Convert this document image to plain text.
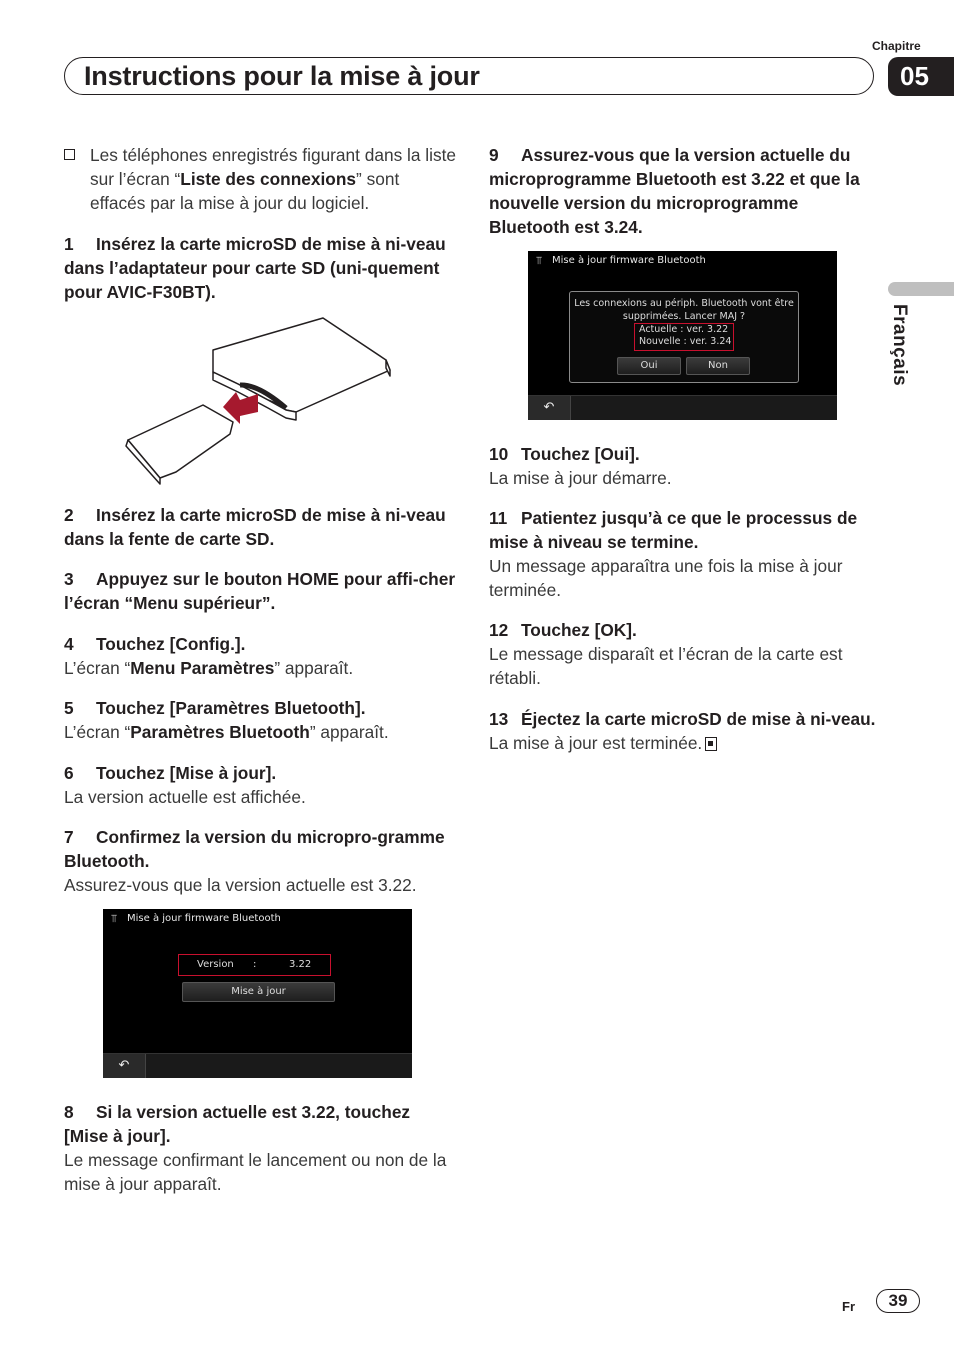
Chapitre
Instructions pour la mise à jour	05
Français

Les téléphones enregistrés figurant dans la liste sur l’écran “Liste des connexions” sont effacés par la mise à jour du logiciel.

1 Insérez la carte microSD de mise à ni-veau dans l’adaptateur pour carte SD (uni-quement pour AVIC-F30BT).
2 Insérez la carte microSD de mise à ni-veau dans la fente de carte SD.
3 Appuyez sur le bouton HOME pour affi-cher l’écran “Menu supérieur”.

4 Touchez [Config.].

L’écran “Menu Paramètres” apparaît.

5 Touchez [Paramètres Bluetooth].

L’écran “Paramètres Bluetooth” apparaît.

6 Touchez [Mise à jour].

La version actuelle est affichée.

7 Confirmez la version du micropro-gramme Bluetooth.

Assurez-vous que la version actuelle est 3.22.

⫪ Mise à jour firmware Bluetooth
Version :	3.22
Mise à jour
↶

8 Si la version actuelle est 3.22, touchez [Mise à jour].

Le message confirmant le lancement ou non de la mise à jour apparaît.

9 Assurez-vous que la version actuelle du microprogramme Bluetooth est 3.22 et que la nouvelle version du microprogramme Bluetooth est 3.24.
⫪ Mise à jour firmware Bluetooth
Les connexions au périph. Bluetooth vont être
supprimées. Lancer MAJ ?
Actuelle : ver. 3.22
Nouvelle : ver. 3.24
Oui	Non
↶

10 Touchez [Oui].

La mise à jour démarre.

11 Patientez jusqu’à ce que le processus de mise à niveau se termine.

Un message apparaîtra une fois la mise à jour terminée.

12 Touchez [OK].

Le message disparaît et l’écran de la carte est rétabli.

13 Éjectez la carte microSD de mise à ni-veau.

La mise à jour est terminée.

Fr	39
